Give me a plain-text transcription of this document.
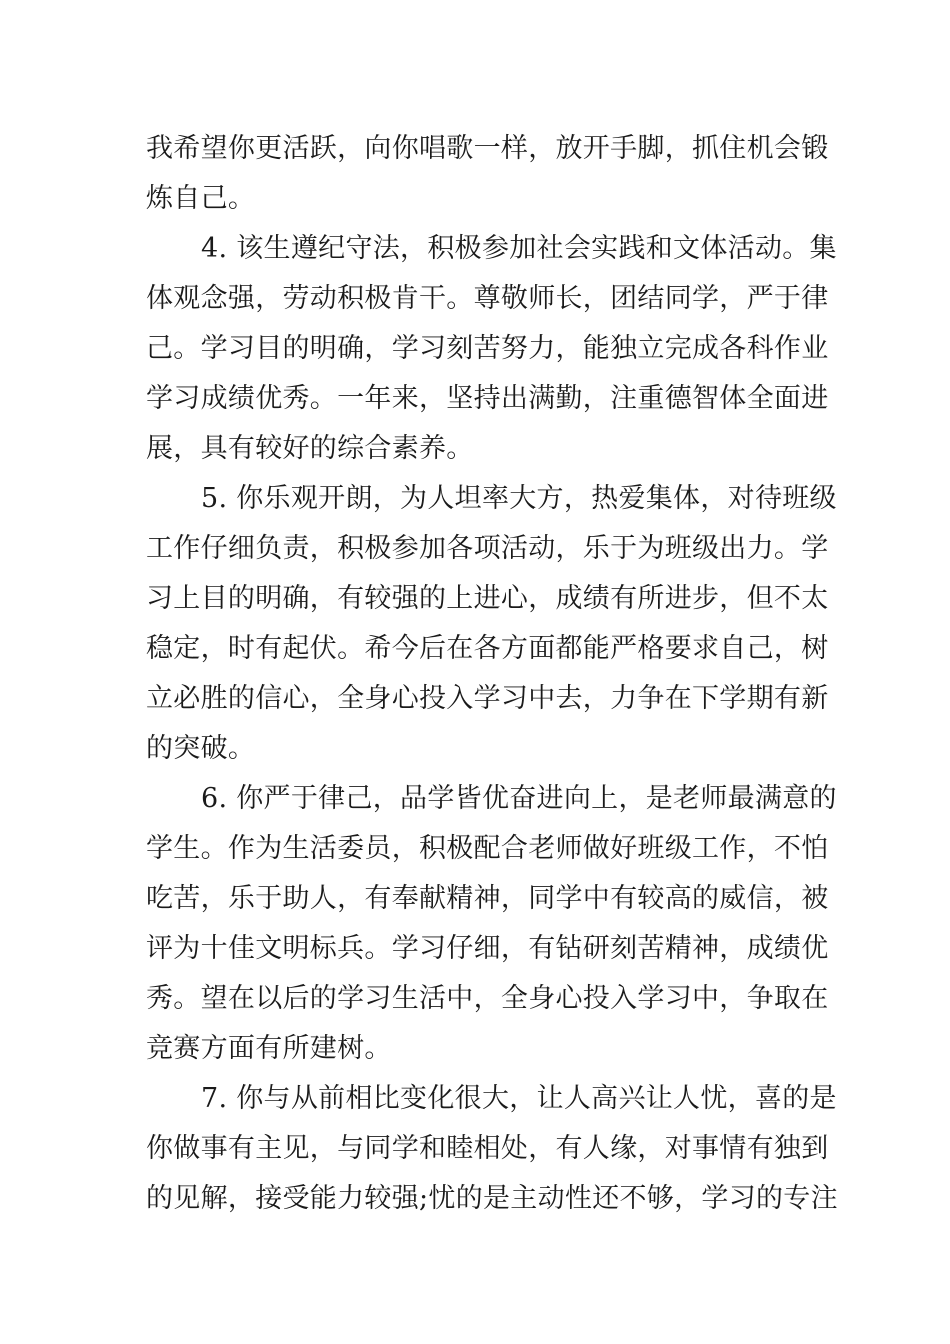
我希望你更活跃，向你唱歌一样，放开手脚，抓住机会锻
炼自己。
4. 该生遵纪守法，积极参加社会实践和文体活动。集
体观念强，劳动积极肯干。尊敬师长，团结同学，严于律
己。学习目的明确，学习刻苦努力，能独立完成各科作业
学习成绩优秀。一年来，坚持出满勤，注重德智体全面进
展，具有较好的综合素养。
5. 你乐观开朗，为人坦率大方，热爱集体，对待班级
工作仔细负责，积极参加各项活动，乐于为班级出力。学
习上目的明确，有较强的上进心，成绩有所进步，但不太
稳定，时有起伏。希今后在各方面都能严格要求自己，树
立必胜的信心，全身心投入学习中去，力争在下学期有新
的突破。
6. 你严于律己，品学皆优奋进向上，是老师最满意的
学生。作为生活委员，积极配合老师做好班级工作，不怕
吃苦，乐于助人，有奉献精神，同学中有较高的威信，被
评为十佳文明标兵。学习仔细，有钻研刻苦精神，成绩优
秀。望在以后的学习生活中，全身心投入学习中，争取在
竞赛方面有所建树。
7. 你与从前相比变化很大，让人高兴让人忧，喜的是
你做事有主见，与同学和睦相处，有人缘，对事情有独到
的见解，接受能力较强;忧的是主动性还不够，学习的专注
